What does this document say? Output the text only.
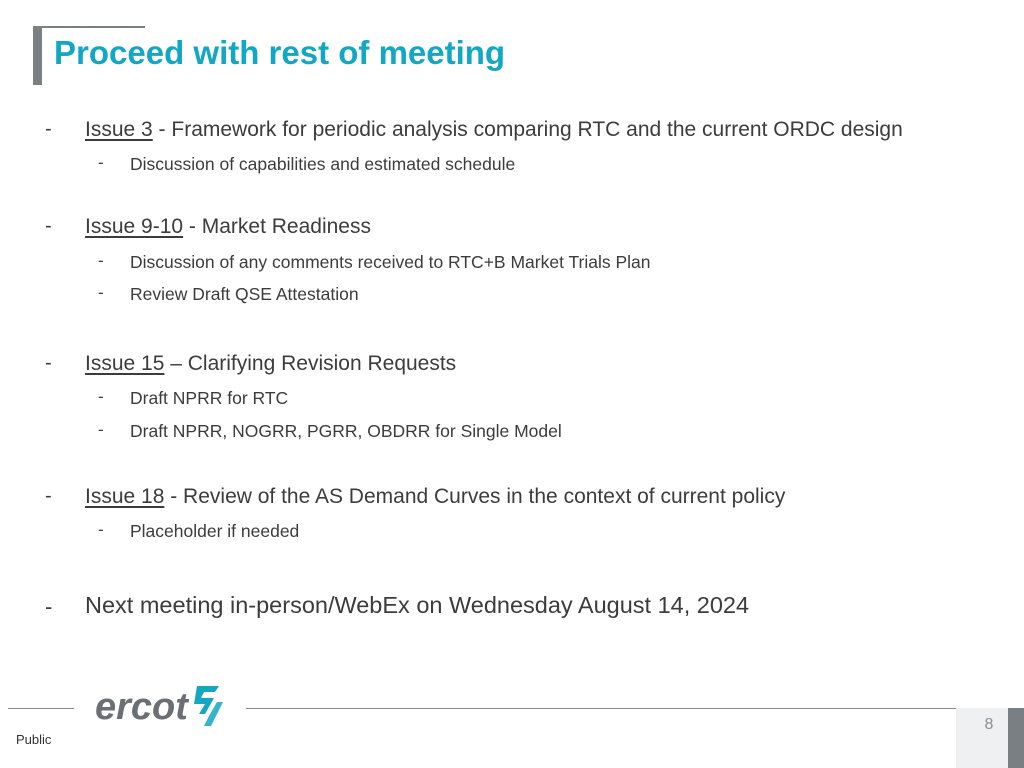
Proceed with rest of meeting
- Issue 3 - Framework for periodic analysis comparing RTC and the current ORDC design
- Discussion of capabilities and estimated schedule
- Issue 9-10 - Market Readiness
- Discussion of any comments received to RTC+B Market Trials Plan
- Review Draft QSE Attestation
- Issue 15 – Clarifying Revision Requests
- Draft NPRR for RTC
- Draft NPRR, NOGRR, PGRR, OBDRR for Single Model
- Issue 18 - Review of the AS Demand Curves in the context of current policy
- Placeholder if needed
- Next meeting in-person/WebEx on Wednesday August 14, 2024
ercot
Public
8
